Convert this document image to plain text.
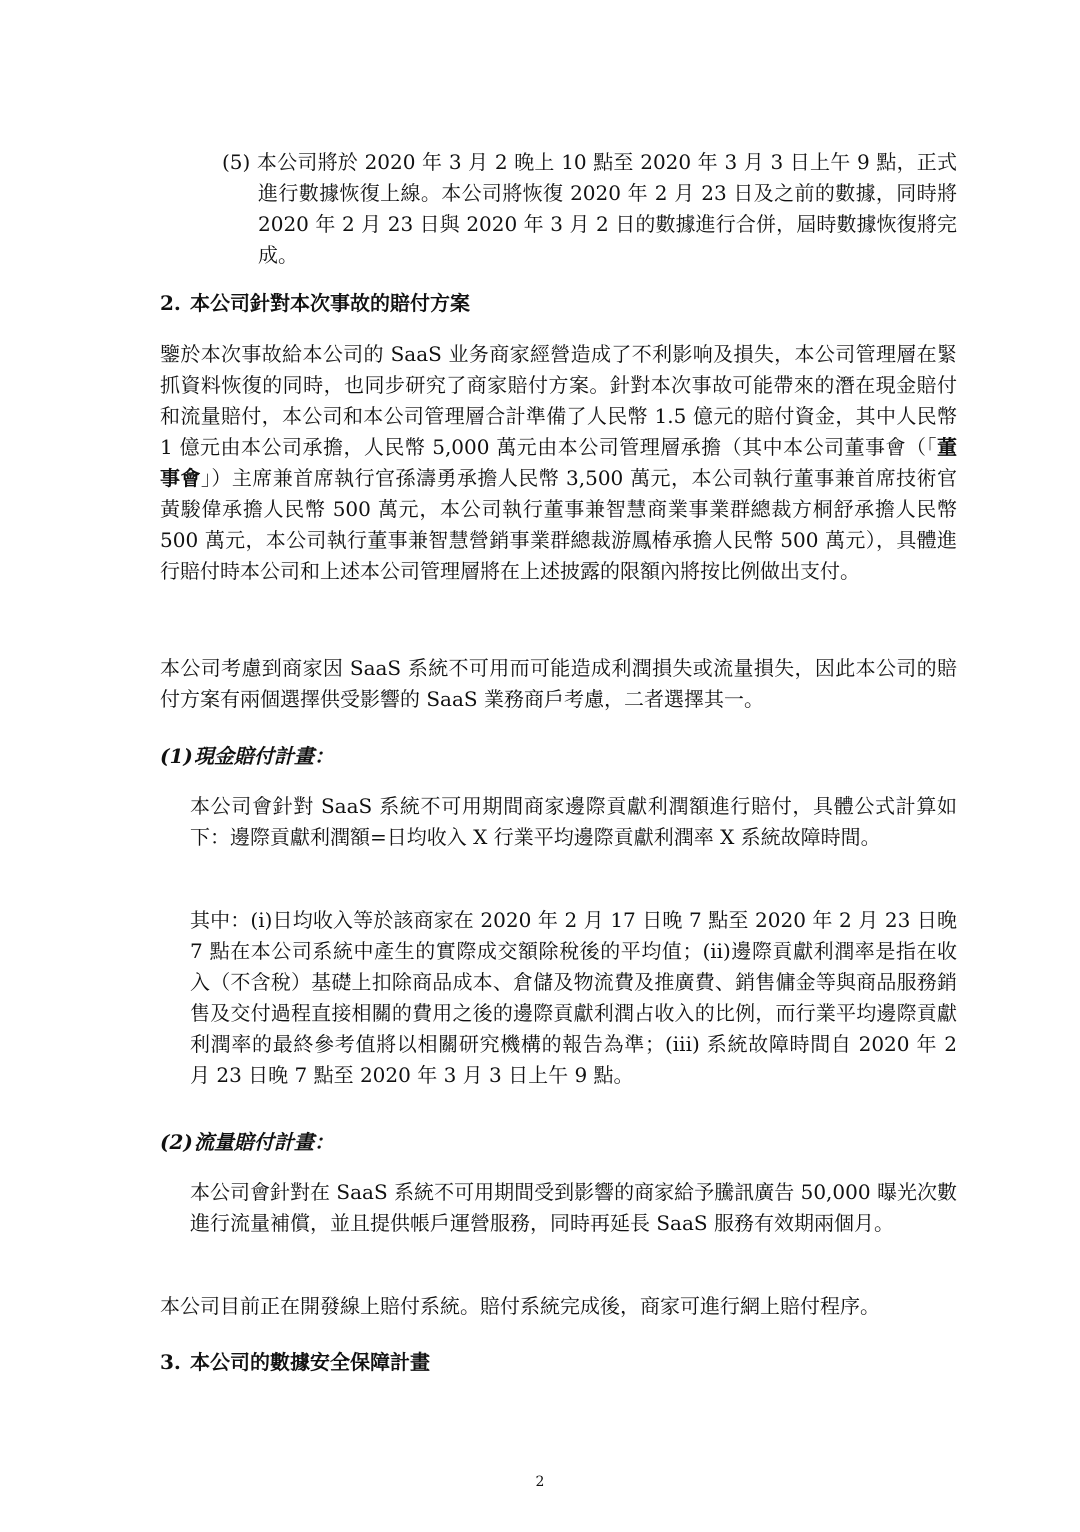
(5) 本公司將於 2020 年 3 月 2 晚上 10 點至 2020 年 3 月 3 日上午 9 點，正式進行數據恢復上線。本公司將恢復 2020 年 2 月 23 日及之前的數據，同時將 2020 年 2 月 23 日與 2020 年 3 月 2 日的數據進行合併，屆時數據恢復將完成。

2. 本公司針對本次事故的賠付方案

鑒於本次事故給本公司的 SaaS 业务商家經營造成了不利影响及損失，本公司管理層在緊抓資料恢復的同時，也同步研究了商家賠付方案。針對本次事故可能帶來的潛在現金賠付和流量賠付，本公司和本公司管理層合計準備了人民幣 1.5 億元的賠付資金，其中人民幣 1 億元由本公司承擔，人民幣 5,000 萬元由本公司管理層承擔（其中本公司董事會（「董事會」）主席兼首席執行官孫濤勇承擔人民幣 3,500 萬元，本公司執行董事兼首席技術官黃駿偉承擔人民幣 500 萬元，本公司執行董事兼智慧商業事業群總裁方桐舒承擔人民幣 500 萬元，本公司執行董事兼智慧營銷事業群總裁游鳳椿承擔人民幣 500 萬元），具體進行賠付時本公司和上述本公司管理層將在上述披露的限額內將按比例做出支付。

本公司考慮到商家因 SaaS 系統不可用而可能造成利潤損失或流量損失，因此本公司的賠付方案有兩個選擇供受影響的 SaaS 業務商戶考慮，二者選擇其一。

(1)現金賠付計畫：

本公司會針對 SaaS 系統不可用期間商家邊際貢獻利潤額進行賠付，具體公式計算如下：邊際貢獻利潤額=日均收入 X 行業平均邊際貢獻利潤率 X 系統故障時間。

其中：(i)日均收入等於該商家在 2020 年 2 月 17 日晚 7 點至 2020 年 2 月 23 日晚 7 點在本公司系統中產生的實際成交額除稅後的平均值；(ii)邊際貢獻利潤率是指在收入（不含稅）基礎上扣除商品成本、倉儲及物流費及推廣費、銷售傭金等與商品服務銷售及交付過程直接相關的費用之後的邊際貢獻利潤占收入的比例，而行業平均邊際貢獻利潤率的最終參考值將以相關研究機構的報告為準；(iii) 系統故障時間自 2020 年 2 月 23 日晚 7 點至 2020 年 3 月 3 日上午 9 點。

(2)流量賠付計畫：

本公司會針對在 SaaS 系統不可用期間受到影響的商家給予騰訊廣告 50,000 曝光次數進行流量補償，並且提供帳戶運營服務，同時再延長 SaaS 服務有效期兩個月。

本公司目前正在開發線上賠付系統。賠付系統完成後，商家可進行網上賠付程序。

3. 本公司的數據安全保障計畫
2
